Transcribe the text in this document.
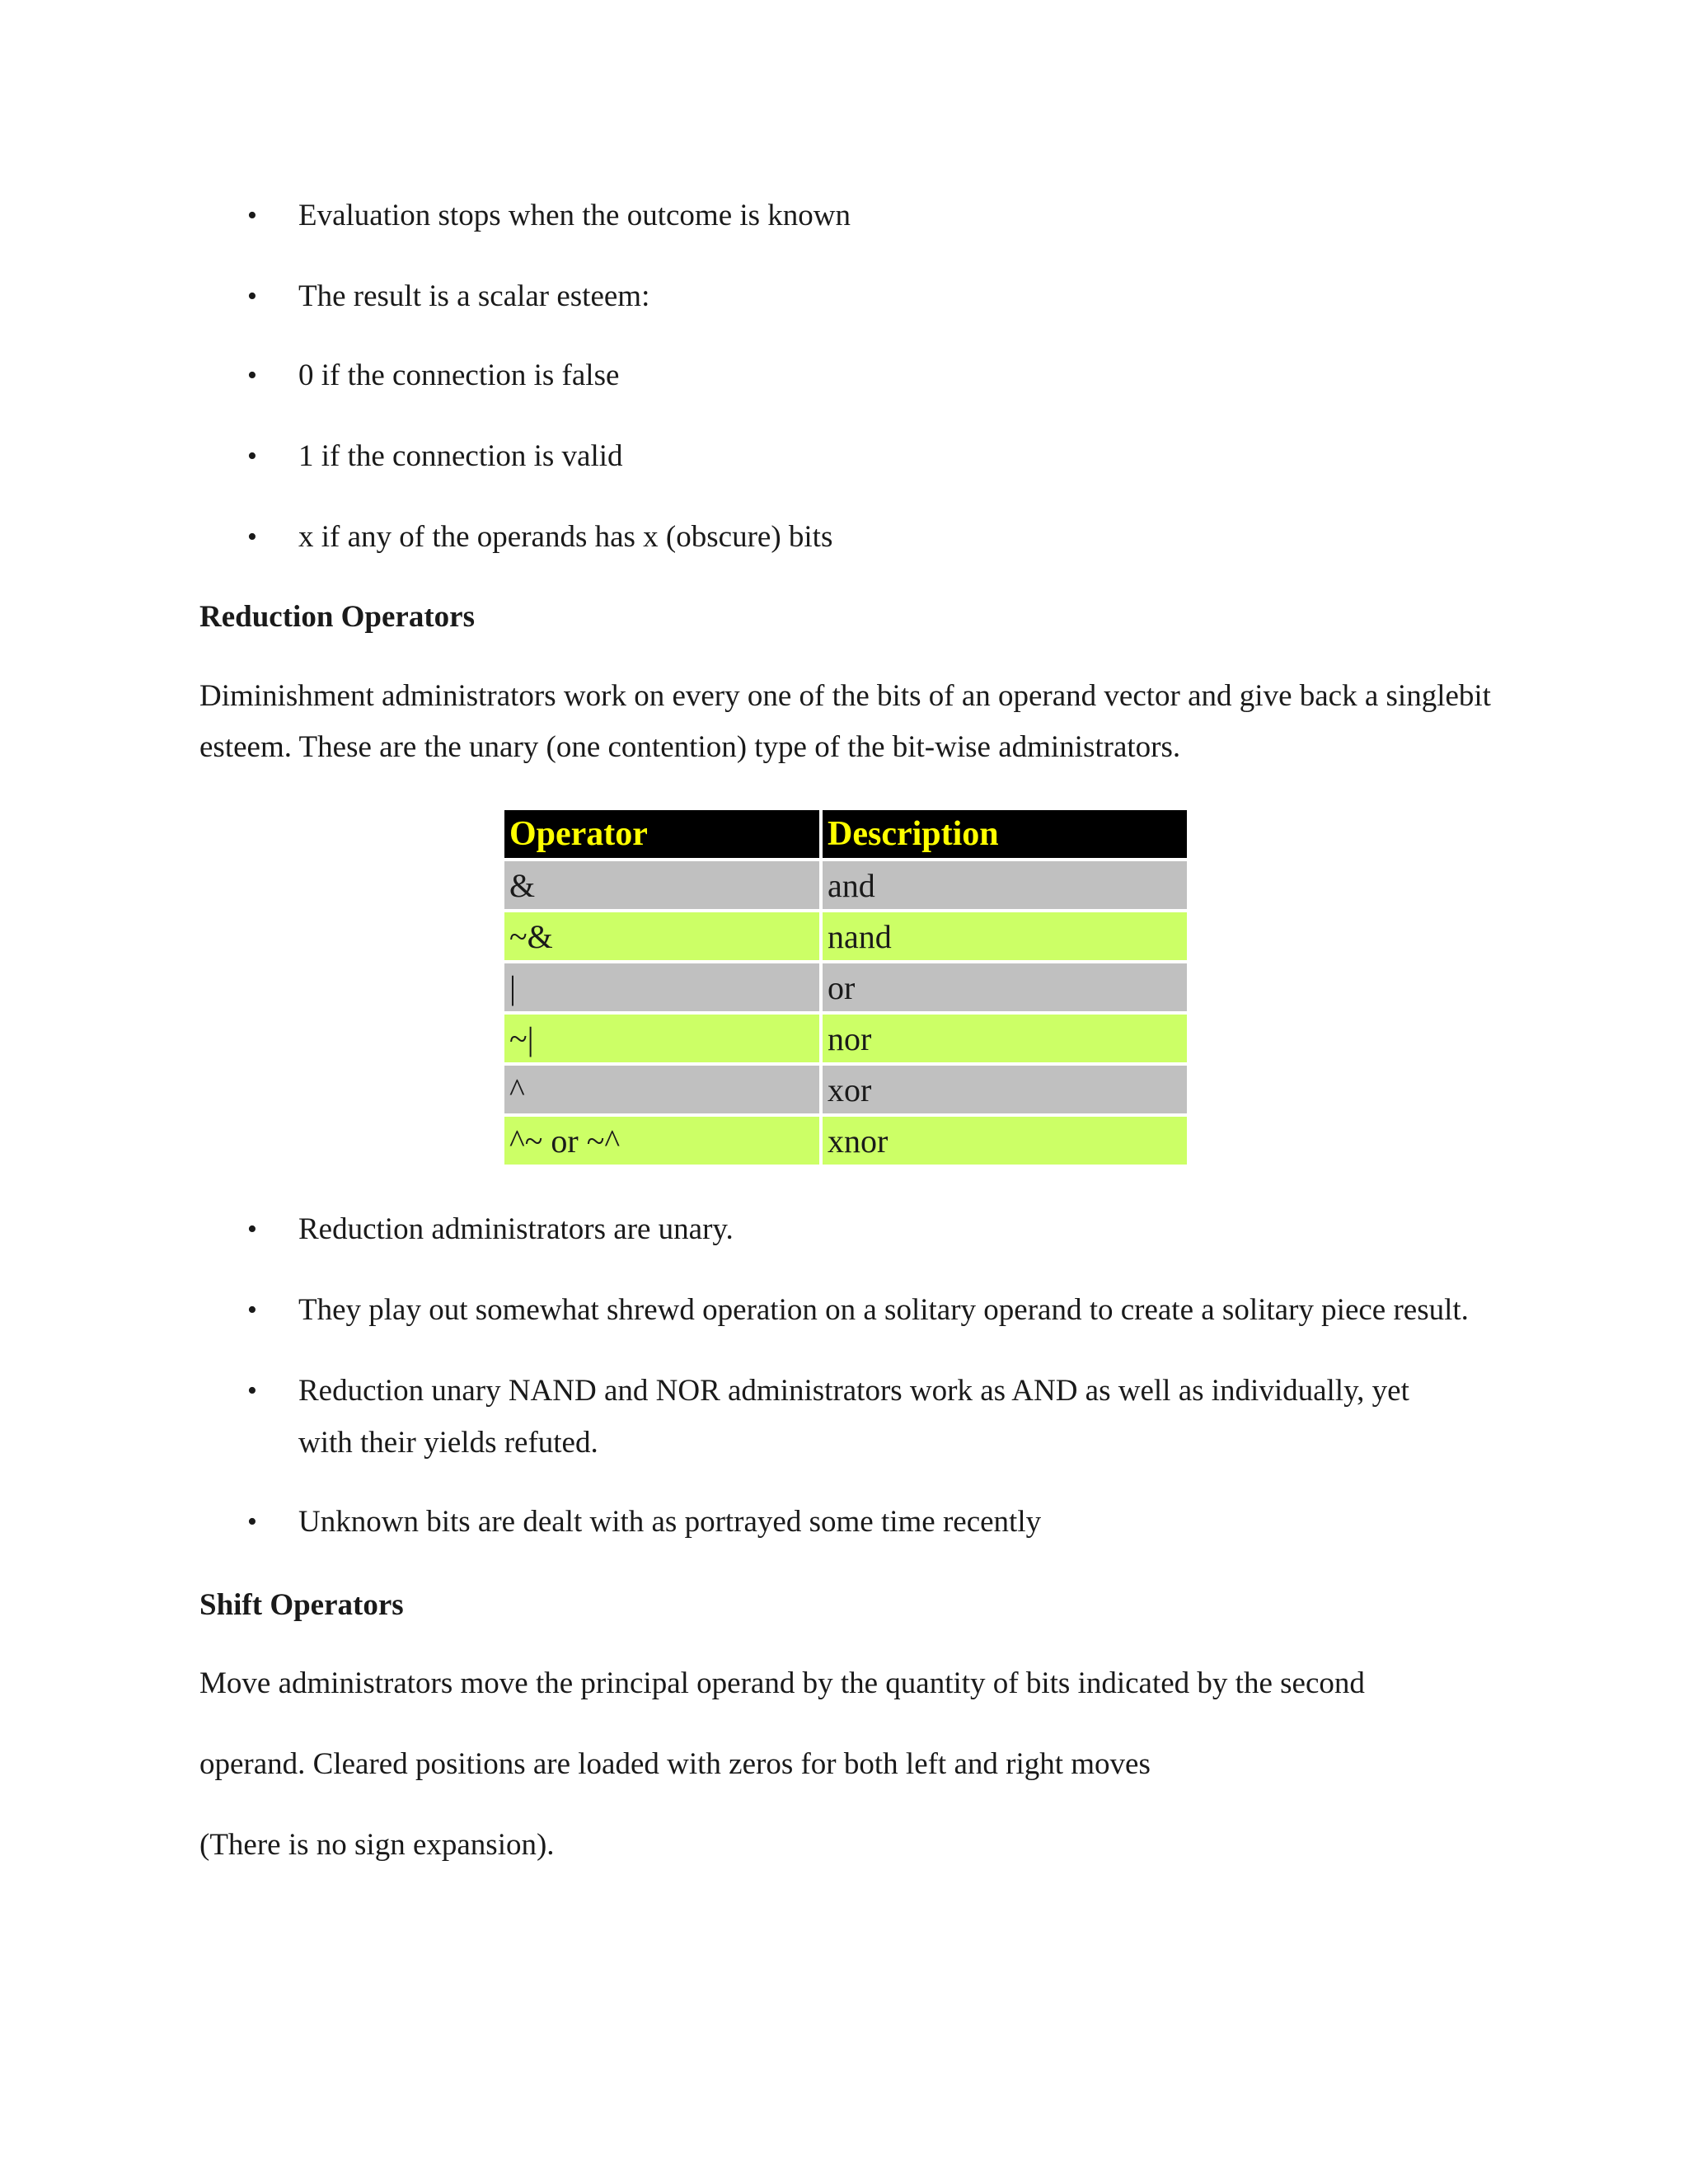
• Evaluation stops when the outcome is known
• The result is a scalar esteem:
• 0 if the connection is false
• 1 if the connection is valid
• x if any of the operands has x (obscure) bits
Reduction Operators

Diminishment administrators work on every one of the bits of an operand vector and give back a singlebit

esteem. These are the unary (one contention) type of the bit-wise administrators.

Operator	Description
&	and
~&	nand
|	or
~|	nor
^	xor
^~ or ~^	xnor
• Reduction administrators are unary.
• They play out somewhat shrewd operation on a solitary operand to create a solitary piece result.
• Reduction unary NAND and NOR administrators work as AND as well as individually, yet with their yields refuted.
• Unknown bits are dealt with as portrayed some time recently
Shift Operators

Move administrators move the principal operand by the quantity of bits indicated by the second

operand. Cleared positions are loaded with zeros for both left and right moves

(There is no sign expansion).
